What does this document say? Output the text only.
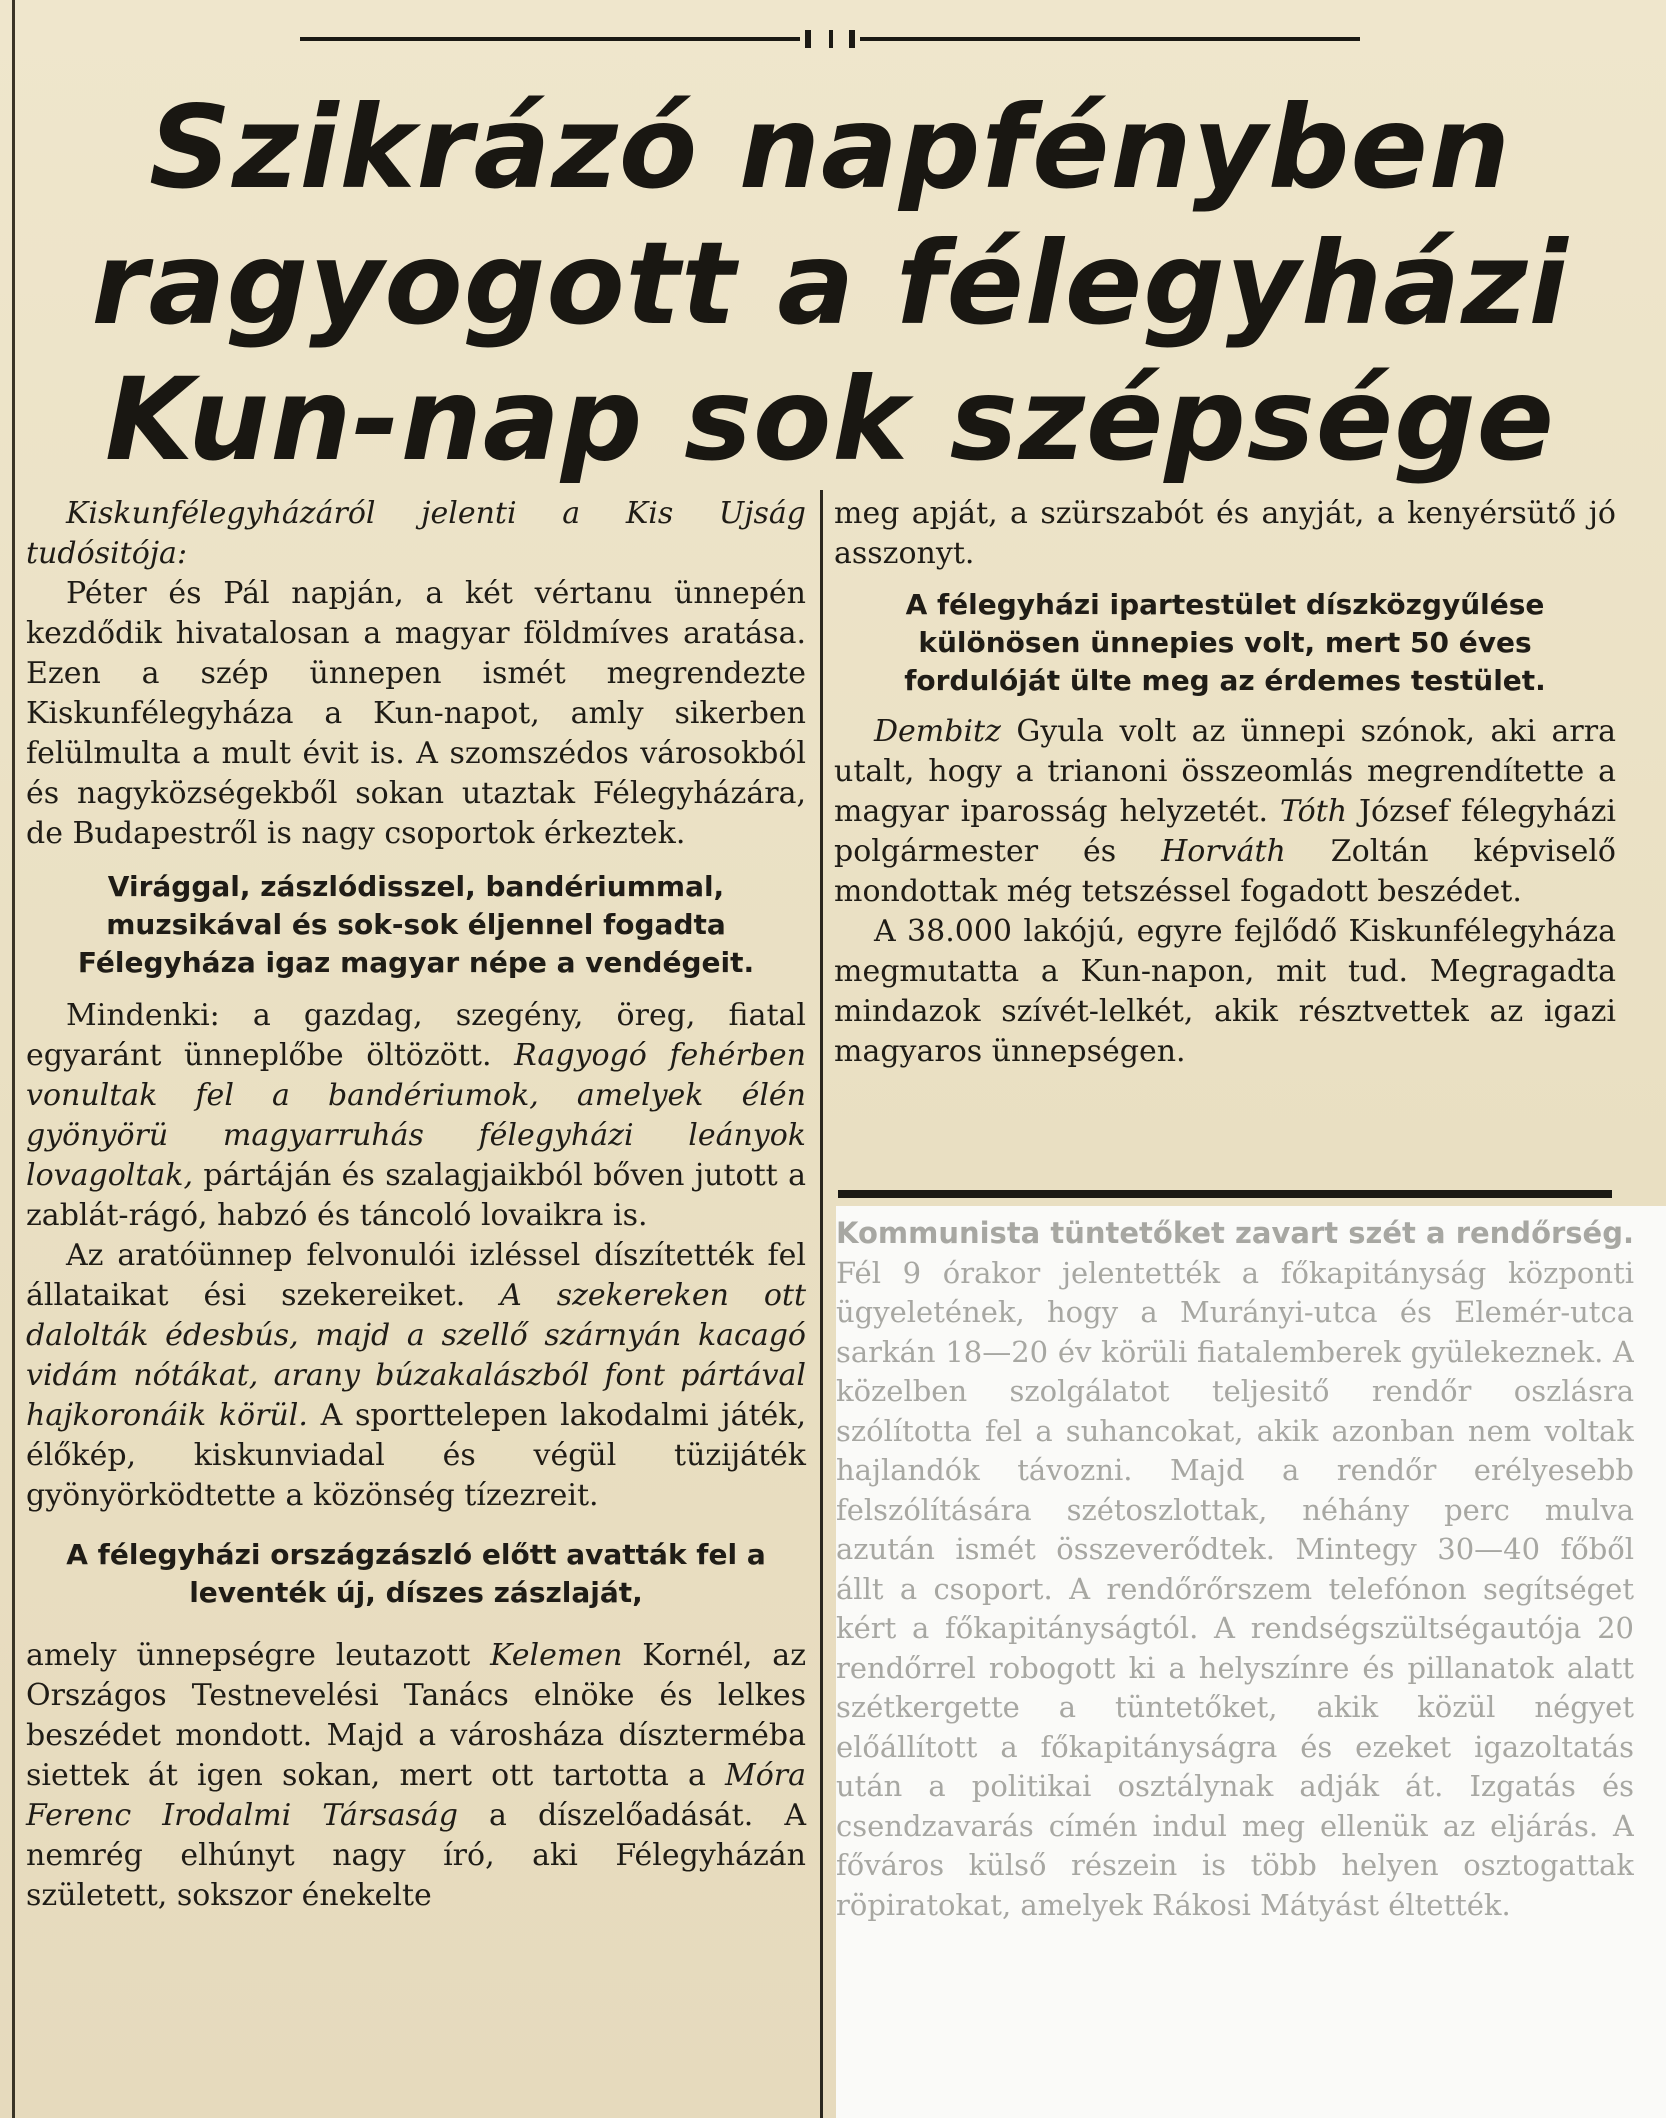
Szikrázó napfényben
ragyogott a félegyházi
Kun-nap sok szépsége

Kiskunfélegyházáról jelenti a Kis Ujság tudósitója:

Péter és Pál napján, a két vértanu ünnepén kezdődik hivatalosan a magyar földmíves aratása. Ezen a szép ünnepen ismét megrendezte Kiskunfélegyháza a Kun-napot, amly sikerben felülmulta a mult évit is. A szomszédos városokból és nagyközségekből sokan utaztak Félegyházára, de Budapestről is nagy csoportok érkeztek.

Virággal, zászlódisszel, bandériummal, muzsikával és sok-sok éljennel fogadta Félegyháza igaz magyar népe a vendégeit.

Mindenki: a gazdag, szegény, öreg, fiatal egyaránt ünneplőbe öltözött. Ragyogó fehérben vonultak fel a bandériumok, amelyek élén gyönyörü magyarruhás félegyházi leányok lovagoltak, pártáján és szalagjaikból bőven jutott a zablát-rágó, habzó és táncoló lovaikra is.

Az aratóünnep felvonulói izléssel díszítették fel állataikat ési szekereiket. A szekereken ott dalolták édesbús, majd a szellő szárnyán kacagó vidám nótákat, arany búzakalászból font pártával hajkoronáik körül. A sporttelepen lakodalmi játék, élőkép, kiskunviadal és végül tüzijáték gyönyörködtette a közönség tízezreit.

A félegyházi országzászló előtt avatták fel a leventék új, díszes zászlaját,

amely ünnepségre leutazott Kelemen Kornél, az Országos Testnevelési Tanács elnöke és lelkes beszédet mondott. Majd a városháza díszterméba siettek át igen sokan, mert ott tartotta a Móra Ferenc Irodalmi Társaság a díszelőadását. A nemrég elhúnyt nagy író, aki Félegyházán született, sokszor énekelte

meg apját, a szürszabót és anyját, a kenyérsütő jó asszonyt.

A félegyházi ipartestület díszközgyűlése különösen ünnepies volt, mert 50 éves fordulóját ülte meg az érdemes testület.

Dembitz Gyula volt az ünnepi szónok, aki arra utalt, hogy a trianoni összeomlás megrendítette a magyar iparosság helyzetét. Tóth József félegyházi polgármester és Horváth Zoltán képviselő mondottak még tetszéssel fogadott beszédet.

A 38.000 lakójú, egyre fejlődő Kiskunfélegyháza megmutatta a Kun-napon, mit tud. Megragadta mindazok szívét-lelkét, akik résztvettek az igazi magyaros ünnepségen.

Kommunista tüntetőket zavart szét a rendőrség. Fél 9 órakor jelentették a főkapitányság központi ügyeletének, hogy a Murányi-utca és Elemér-utca sarkán 18—20 év körüli fiatalemberek gyülekeznek. A közelben szolgálatot teljesitő rendőr oszlásra szólította fel a suhancokat, akik azonban nem voltak hajlandók távozni. Majd a rendőr erélyesebb felszólítására szétoszlottak, néhány perc mulva azután ismét összeverődtek. Mintegy 30—40 főből állt a csoport. A rendőrőrszem telefónon segítséget kért a főkapitányságtól. A rendségszültségautója 20 rendőrrel robogott ki a helyszínre és pillanatok alatt szétkergette a tüntetőket, akik közül négyet előállított a főkapitányságra és ezeket igazoltatás után a politikai osztálynak adják át. Izgatás és csendzavarás címén indul meg ellenük az eljárás. A főváros külső részein is több helyen osztogattak röpiratokat, amelyek Rákosi Mátyást éltették.
